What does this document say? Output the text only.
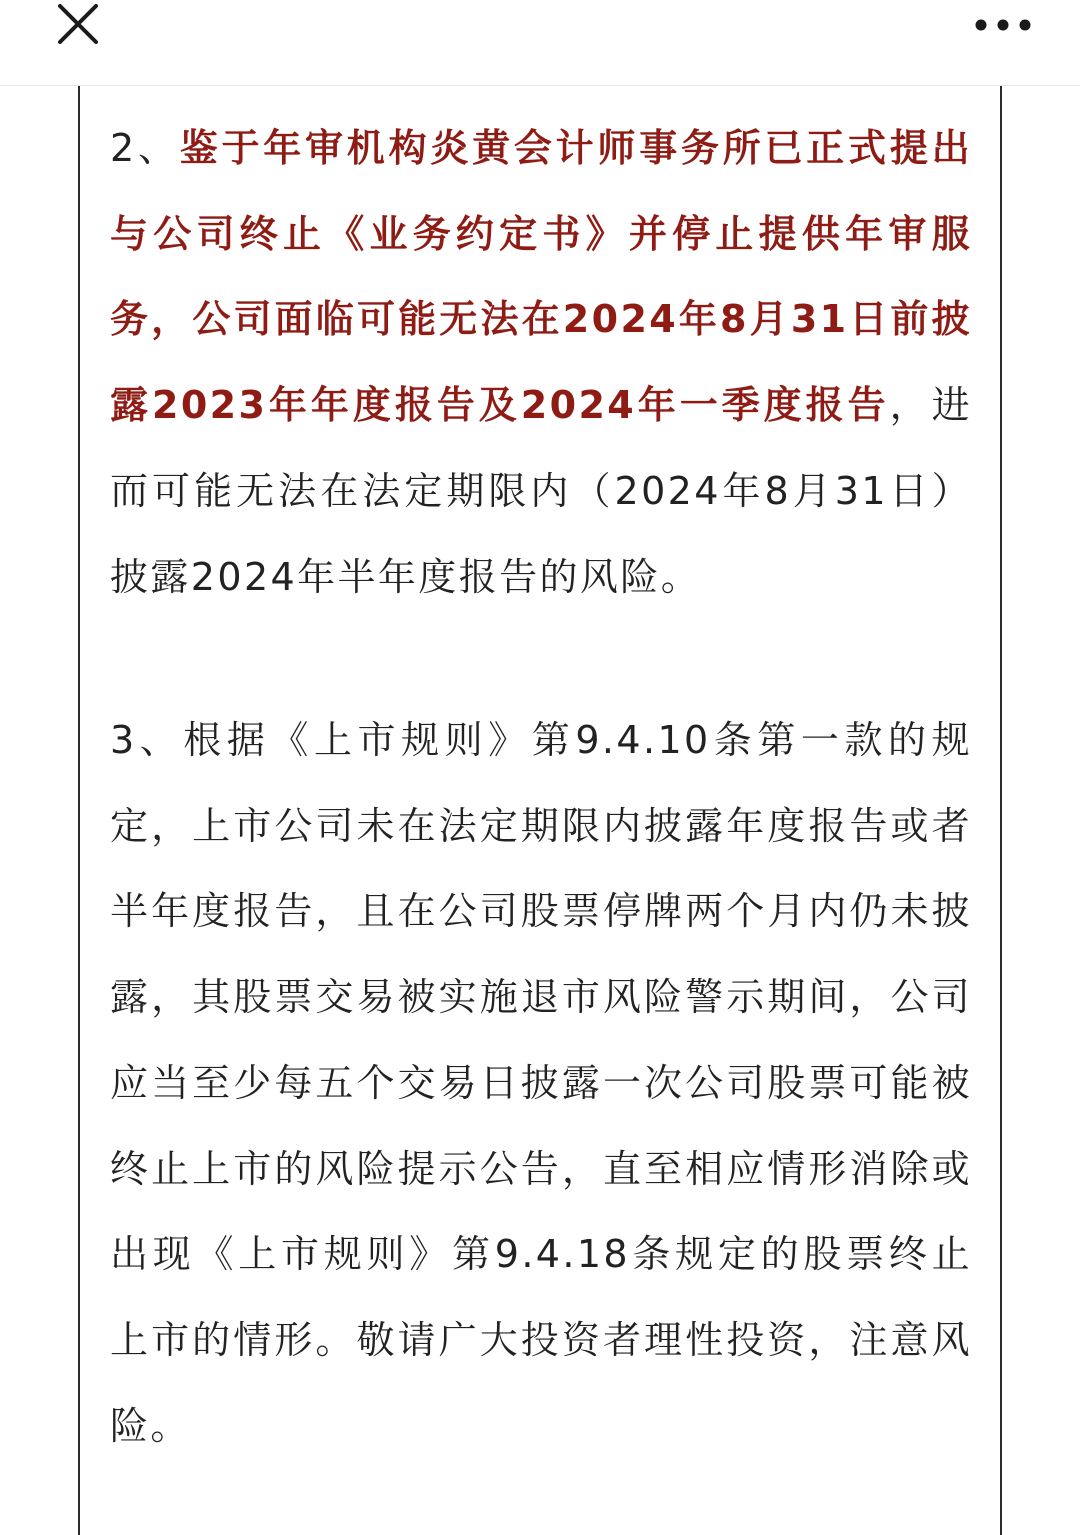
2、鉴于年审机构炎黄会计师事务所已正式提出与公司终止《业务约定书》并停止提供年审服务，公司面临可能无法在2024年8月31日前披露2023年年度报告及2024年一季度报告，进而可能无法在法定期限内（2024年8月31日）披露2024年半年度报告的风险。

3、根据《上市规则》第9.4.10条第一款的规定，上市公司未在法定期限内披露年度报告或者半年度报告，且在公司股票停牌两个月内仍未披露，其股票交易被实施退市风险警示期间，公司应当至少每五个交易日披露一次公司股票可能被终止上市的风险提示公告，直至相应情形消除或出现《上市规则》第9.4.18条规定的股票终止上市的情形。敬请广大投资者理性投资，注意风险。
